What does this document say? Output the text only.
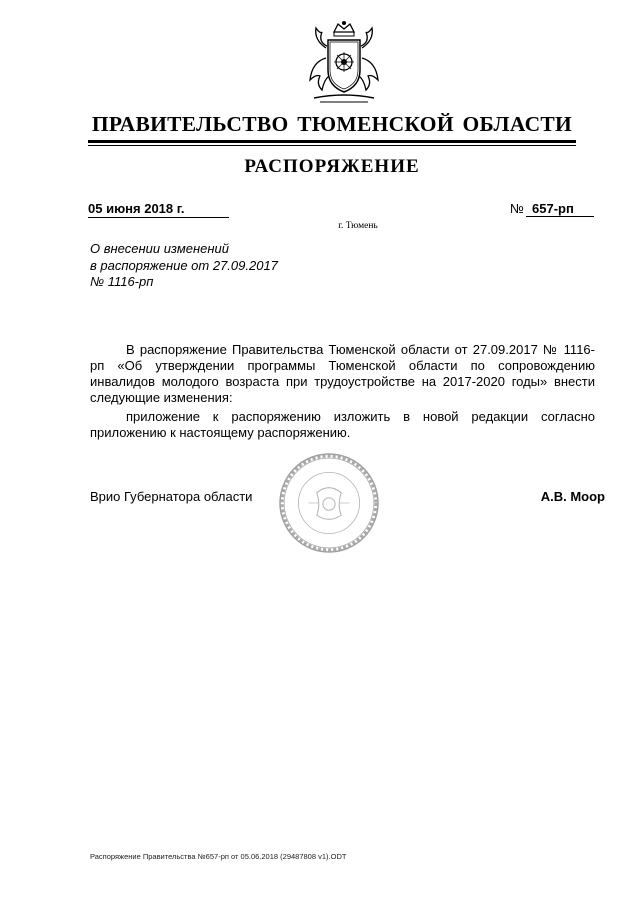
ПРАВИТЕЛЬСТВО ТЮМЕНСКОЙ ОБЛАСТИ
РАСПОРЯЖЕНИЕ
05 июня 2018 г.	№ 657-рп
г. Тюмень
О внесении изменений
в распоряжение от 27.09.2017
№ 1116-рп
В распоряжение Правительства Тюменской области от 27.09.2017 № 1116-рп «Об утверждении программы Тюменской области по сопровождению инвалидов молодого возраста при трудоустройстве на 2017-2020 годы» внести следующие изменения:
приложение к распоряжению изложить в новой редакции согласно приложению к настоящему распоряжению.
Врио Губернатора области	А.В. Моор
Распоряжение Правительства №657-рп от 05.06.2018 (29487808 v1).ODT
